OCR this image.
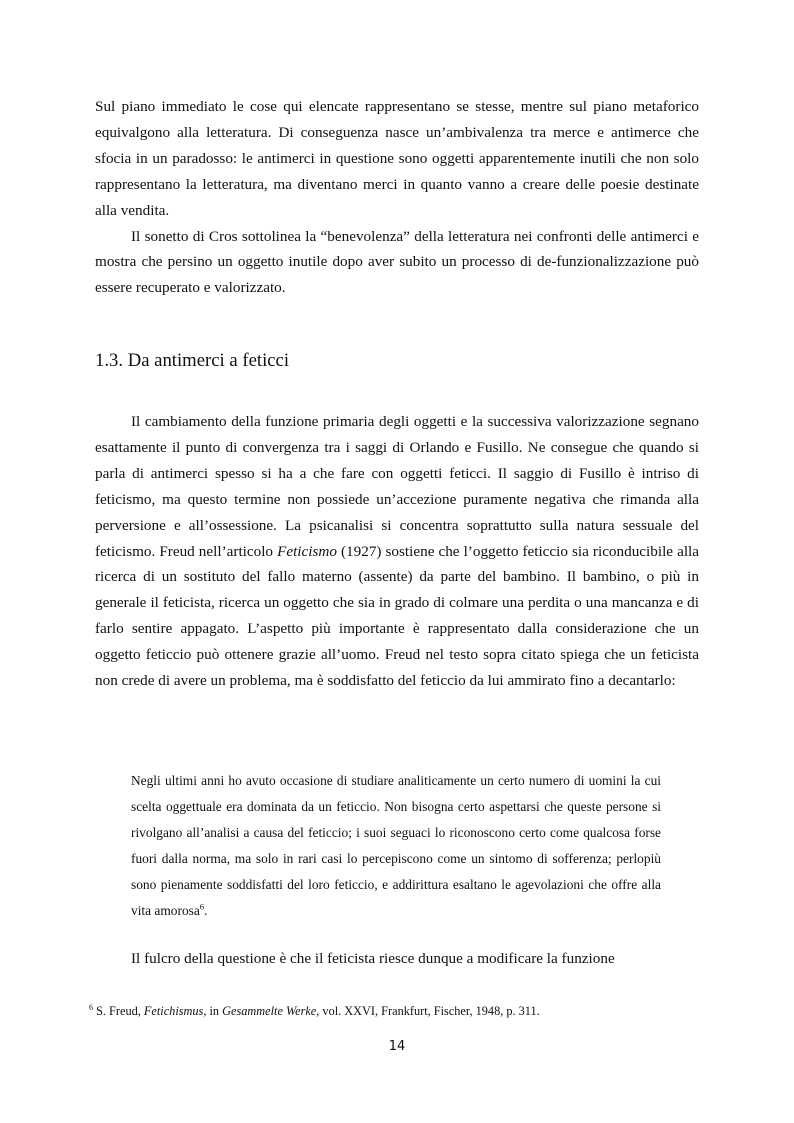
Sul piano immediato le cose qui elencate rappresentano se stesse, mentre sul piano metaforico equivalgono alla letteratura. Di conseguenza nasce un’ambivalenza tra merce e antimerce che sfocia in un paradosso: le antimerci in questione sono oggetti apparentemente inutili che non solo rappresentano la letteratura, ma diventano merci in quanto vanno a creare delle poesie destinate alla vendita.

Il sonetto di Cros sottolinea la “benevolenza” della letteratura nei confronti delle antimerci e mostra che persino un oggetto inutile dopo aver subito un processo di de-funzionalizzazione può essere recuperato e valorizzato.

1.3. Da antimerci a feticci

Il cambiamento della funzione primaria degli oggetti e la successiva valorizzazione segnano esattamente il punto di convergenza tra i saggi di Orlando e Fusillo. Ne consegue che quando si parla di antimerci spesso si ha a che fare con oggetti feticci. Il saggio di Fusillo è intriso di feticismo, ma questo termine non possiede un’accezione puramente negativa che rimanda alla perversione e all’ossessione. La psicanalisi si concentra soprattutto sulla natura sessuale del feticismo. Freud nell’articolo Feticismo (1927) sostiene che l’oggetto feticcio sia riconducibile alla ricerca di un sostituto del fallo materno (assente) da parte del bambino. Il bambino, o più in generale il feticista, ricerca un oggetto che sia in grado di colmare una perdita o una mancanza e di farlo sentire appagato. L’aspetto più importante è rappresentato dalla considerazione che un oggetto feticcio può ottenere grazie all’uomo. Freud nel testo sopra citato spiega che un feticista non crede di avere un problema, ma è soddisfatto del feticcio da lui ammirato fino a decantarlo:

Negli ultimi anni ho avuto occasione di studiare analiticamente un certo numero di uomini la cui scelta oggettuale era dominata da un feticcio. Non bisogna certo aspettarsi che queste persone si rivolgano all’analisi a causa del feticcio; i suoi seguaci lo riconoscono certo come qualcosa forse fuori dalla norma, ma solo in rari casi lo percepiscono come un sintomo di sofferenza; perlopiù sono pienamente soddisfatti del loro feticcio, e addirittura esaltano le agevolazioni che offre alla vita amorosa$^6$.

Il fulcro della questione è che il feticista riesce dunque a modificare la funzione

$^6$ S. Freud, Fetichismus, in Gesammelte Werke, vol. XXVI, Frankfurt, Fischer, 1948, p. 311.

14
